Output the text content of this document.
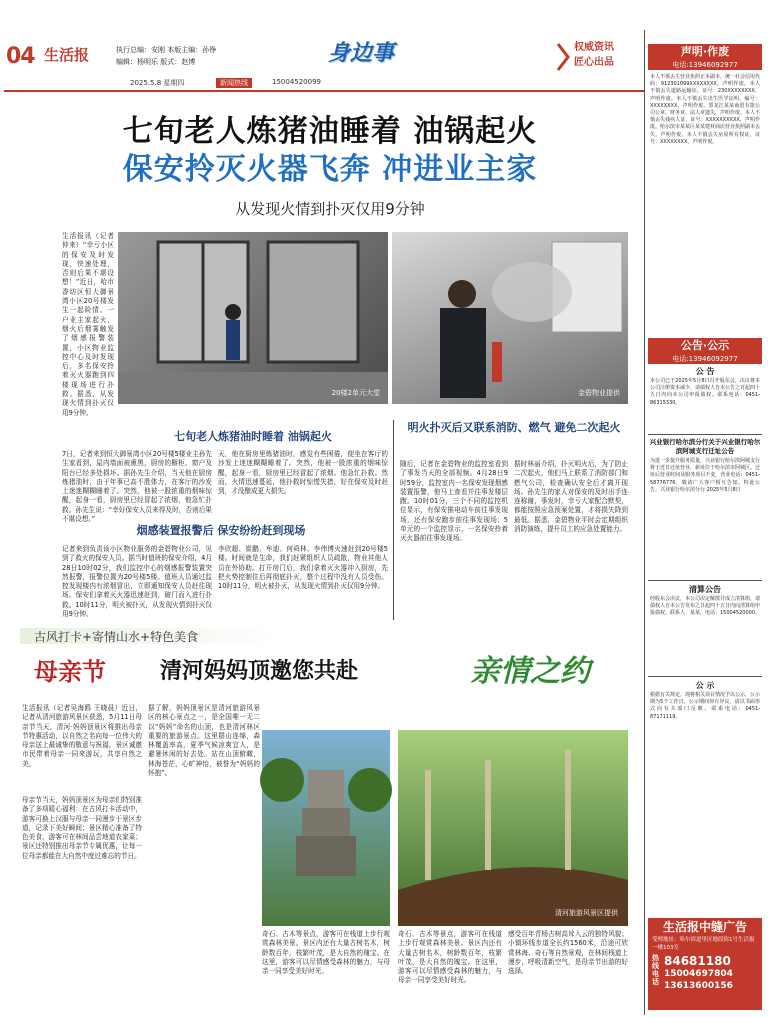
04 生活报	执行总编：安刚 本版主编：孙铮
编辑：杨明乐 版式：赵博	身边事
2025.5.8 星期四	新闻热线	15004520099
权威资讯
匠心出品
七旬老人炼猪油睡着 油锅起火
保安拎灭火器飞奔 冲进业主家
从发现火情到扑灭仅用9分钟
生活报讯（记者仲来）“幸亏小区的保安及时发现，快速处理，否则后果不堪设想！”近日，哈市香坊区恒大御景湾小区20号楼发生一起险情。一户业主家起火，烟火后烟雾触发了烟感报警装置，小区物业监控中心及时发现后，多名保安拎着灭火器跑到四楼现场进行扑救。据悉，从发现火情到扑灭仅用9分钟。
20楼2单元大堂	金碧物业提供
七旬老人炼猪油时睡着 油锅起火
7日，记者来到恒大御景湾小区20号楼5楼业主孙先生家看到，屋内墙面被熏黑，厨房的橱柜、窗户及阳台已经多处损坏。据孙先生介绍，当天他在厨房炼猪油时，由于年事已高不胜体力，在客厅的沙发上迷迷糊糊睡着了。突然，他被一股浓重的烟味惊醒，起身一看，厨房里已经冒起了浓烟，他急忙扑救。孙先生说：“幸好保安人员来得及时，否则后果不堪设想。”
天，他在厨房里炼猪油时，感觉有些困倦，便坐在客厅的沙发上迷迷糊糊睡着了。突然，他被一股浓重的烟味惊醒，起身一看，厨房里已经冒起了浓烟。他急忙扑救。然而，火情迅速蔓延，他扑救时惊慌失措，好在保安及时赶到，才没酿成更大损失。
烟感装置报警后 保安纷纷赶到现场
记者来到负责该小区物业服务的金碧物业公司，见到了救火的保安人员。据当时值班的保安介绍，4月28日10时02分，我们监控中心的烟感报警装置突然报警，报警位置为20号楼5楼。值班人员通过监控发现楼内有浓烟冒出，立即通知保安人员赶往现场。保安们拿着灭火器迅速赶到，破门而入进行扑救。10时11分，明火被扑灭，从发现火情到扑灭仅用9分钟。
李欣超、崔鹏、牟迪、何舜林、李伟博火速赶到20号楼5楼。时间就是生命，我们赶紧组织人员疏散，物业其他人员在外协助。打开房门后，我们拿着灭火器冲入厨房，先把火势控制住后再彻底扑灭，整个过程中没有人员受伤。10时11分，明火被扑灭，从发现火情到扑灭仅用9分钟。
明火扑灭后又联系消防、燃气 避免二次起火
随后，记者在金碧物业的监控室看到了事发当天的全部视频。4月28日9时59分，监控室内一名保安发现烟感装置报警，他马上查看并往事发楼层跑。10时01分，三个不同的监控机位显示，有保安推电动车前往事发现场，还有保安跑步前往事发现场；5单元的一个监控显示，一名保安拎着灭火器前往事发现场。
据时林丽介绍，扑灭明火后，为了防止二次起火，他们马上联系了消防部门和燃气公司，检查确认安全后才离开现场。孙先生的家人对保安的及时出手连连称谢，事发时，幸亏大家配合默契，都能按照应急预案处置，才将损失降到最低。据悉，金碧物业平时会定期组织消防演练，提升员工的应急处置能力。
古风打卡+寄情山水+特色美食
母亲节 清河妈妈顶邀您共赴	亲情之约
生活报讯（记者吴海鸥 王晓晨）近日，记者从清河旅游风景区获悉，5月11日母亲节当天，清河·妈妈顶景区将推出母亲节特惠活动，以自然之名向每一位伟大的母亲送上最诚挚的敬意与祝福。景区诚邀市民带着母亲一同来游玩，共享自然之美。
母亲节当天，妈妈顶景区为母亲们特别准备了多项暖心福利：在古风打卡活动中，游客可换上汉服与母亲一同漫步于景区步道，记录下美好瞬间；景区精心准备了特色美食，游客可在林间品尝地道农家菜；景区还特别推出母亲节专属优惠，让每一位母亲都能在大自然中度过难忘的节日。
据了解，妈妈顶景区是清河旅游风景区的核心景点之一，是全国唯一无二以“妈妈”命名的山顶，也是清河林区重要的旅游景点。这里群山连绵，森林覆盖率高，夏季气候凉爽宜人，是避暑休闲的好去处。站在山顶俯瞰，林海苍茫，心旷神怡，被誉为“妈妈的怀抱”。
清河旅游风景区提供
奇石、古木等景点，游客可在栈道上步行观赏森林美景。景区内还有大量古树名木，树龄数百年，枝繁叶茂，是大自然的瑰宝。在这里，游客可以尽情感受森林的魅力，与母亲一同享受美好时光。
奇石、古木等景点，游客可在栈道上步行观赏森林美景。景区内还有大量古树名木，树龄数百年，枝繁叶茂，是大自然的瑰宝。在这里，游客可以尽情感受森林的魅力，与母亲一同享受美好时光。
感受百年青杨古树高耸入云的独特风貌；小镇环线步道全长约1560米，沿途可欣赏林海、奇石等自然景观，在林间栈道上漫步，呼吸清新空气，是母亲节出游的好选择。
声明·作废
电话:13946092977
本人不慎丢失营业执照正本副本，统一社会信用代码：912301099XXXXXXXX，声明作废。本人不慎丢失道路运输证，证号：230XXXXXXXX，声明作废。本人不慎丢失出生医学证明，编号：XXXXXXXX，声明作废。黑龙江某某商贸有限公司公章、财务章、法人章遗失，声明作废。本人不慎丢失残疾人证，证号：XXXXXXXXXX，声明作废。哈尔滨市某某区某某建材商店营业执照副本丢失，声明作废。本人不慎丢失房屋所有权证，证号：XXXXXXXX，声明作废。
公告·公示
电话:13946092977
公 告
本公司已于2025年5月8日召开股东会，决议将本公司注册资本减少，请债权人自本公告之日起四十五日内向本公司申报债权。联系电话：0451-86315330。
兴业银行哈尔滨分行关于兴业银行哈尔滨阿城支行迁址公告
为进一步提升服务质量，兴业银行哈尔滨阿城支行将于近日迁址营业，新址位于哈尔滨市阿城区。迁址后营业时间及服务项目不变，营业电话：0451-58776776，敬请广大客户相互告知。特此公告。兴业银行哈尔滨分行 2025年5月8日
清算公告
经股东会决议，本公司决定解散并成立清算组，请债权人自本公告发布之日起四十五日内向清算组申报债权。联系人：某某，电话：15004520000。
公 示
根据有关规定，现将相关项目情况予以公示，公示期为5个工作日，公示期间如有异议，请以书面形式向有关部门反映。联系电话：0451-87171119。
生活报中缝广告
受理地址：哈尔滨道里区地段街1号生活报一楼103室
热线电话
84681180
15004697804
13613600156
